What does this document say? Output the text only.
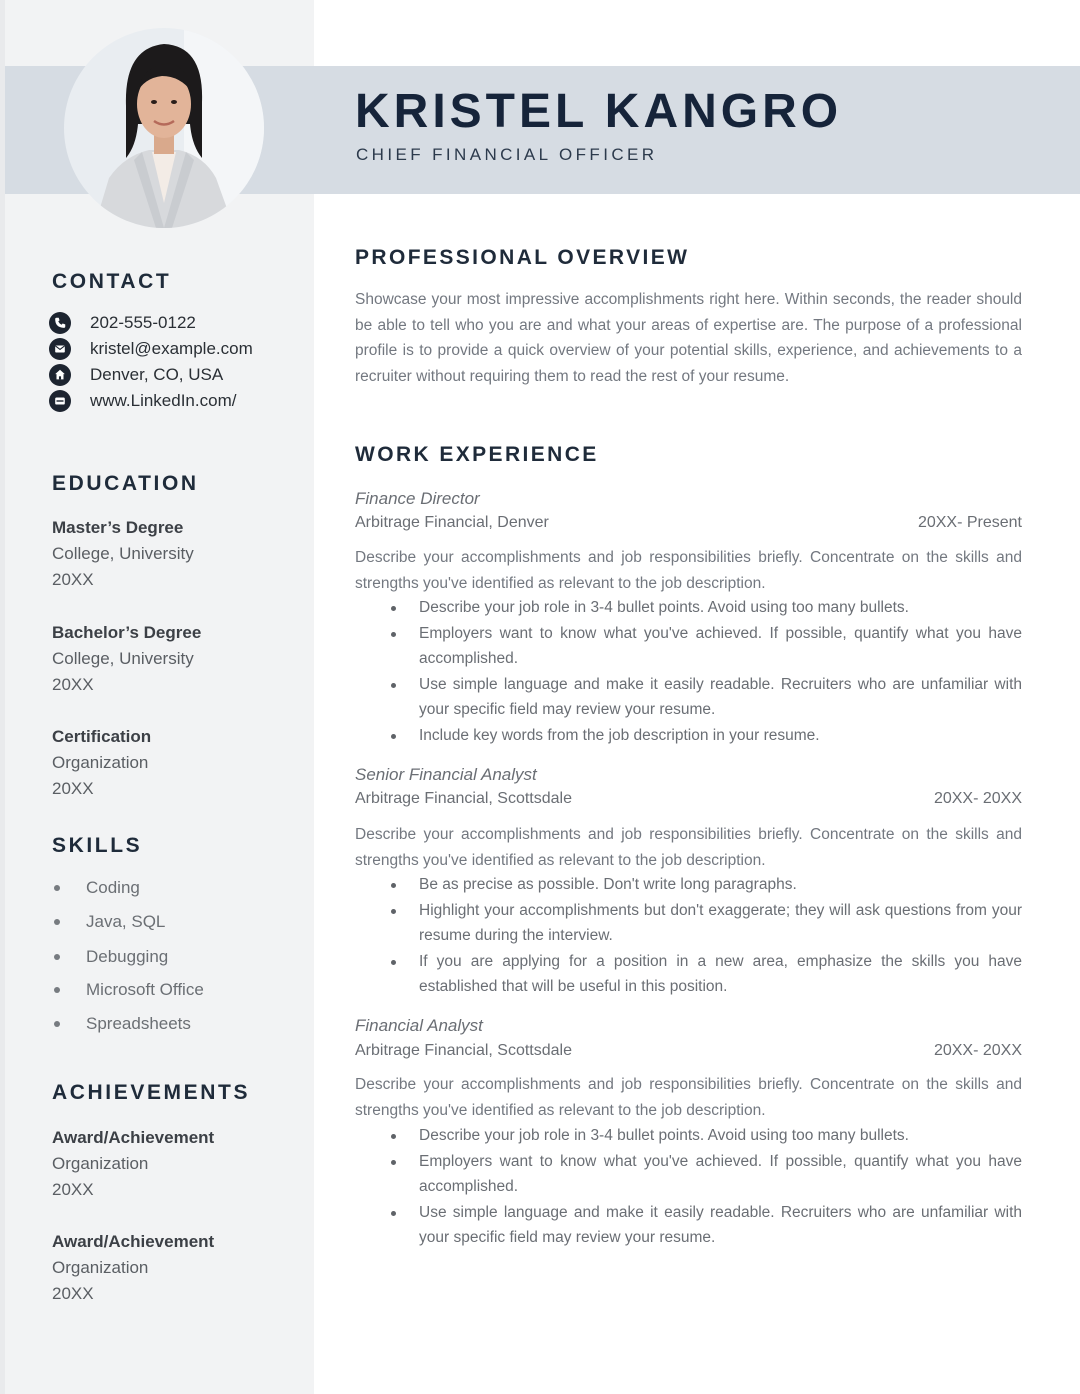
KRISTEL KANGRO
CHIEF FINANCIAL OFFICER
CONTACT
202-555-0122
kristel@example.com
Denver, CO, USA
www.LinkedIn.com/
EDUCATION
Master’s Degree
College, University
20XX
Bachelor’s Degree
College, University
20XX
Certification
Organization
20XX
SKILLS
Coding
Java, SQL
Debugging
Microsoft Office
Spreadsheets
ACHIEVEMENTS
Award/Achievement
Organization
20XX
Award/Achievement
Organization
20XX
PROFESSIONAL OVERVIEW
Showcase your most impressive accomplishments right here. Within seconds, the reader should be able to tell who you are and what your areas of expertise are. The purpose of a professional profile is to provide a quick overview of your potential skills, experience, and achievements to a recruiter without requiring them to read the rest of your resume.
WORK EXPERIENCE
Finance Director
Arbitrage Financial, Denver	20XX- Present
Describe your accomplishments and job responsibilities briefly. Concentrate on the skills and strengths you've identified as relevant to the job description.
Describe your job role in 3-4 bullet points. Avoid using too many bullets.
Employers want to know what you've achieved. If possible, quantify what you have accomplished.
Use simple language and make it easily readable. Recruiters who are unfamiliar with your specific field may review your resume.
Include key words from the job description in your resume.
Senior Financial Analyst
Arbitrage Financial, Scottsdale	20XX- 20XX
Describe your accomplishments and job responsibilities briefly. Concentrate on the skills and strengths you've identified as relevant to the job description.
Be as precise as possible. Don't write long paragraphs.
Highlight your accomplishments but don't exaggerate; they will ask questions from your resume during the interview.
If you are applying for a position in a new area, emphasize the skills you have established that will be useful in this position.
Financial Analyst
Arbitrage Financial, Scottsdale	20XX- 20XX
Describe your accomplishments and job responsibilities briefly. Concentrate on the skills and strengths you've identified as relevant to the job description.
Describe your job role in 3-4 bullet points. Avoid using too many bullets.
Employers want to know what you've achieved. If possible, quantify what you have accomplished.
Use simple language and make it easily readable. Recruiters who are unfamiliar with your specific field may review your resume.
